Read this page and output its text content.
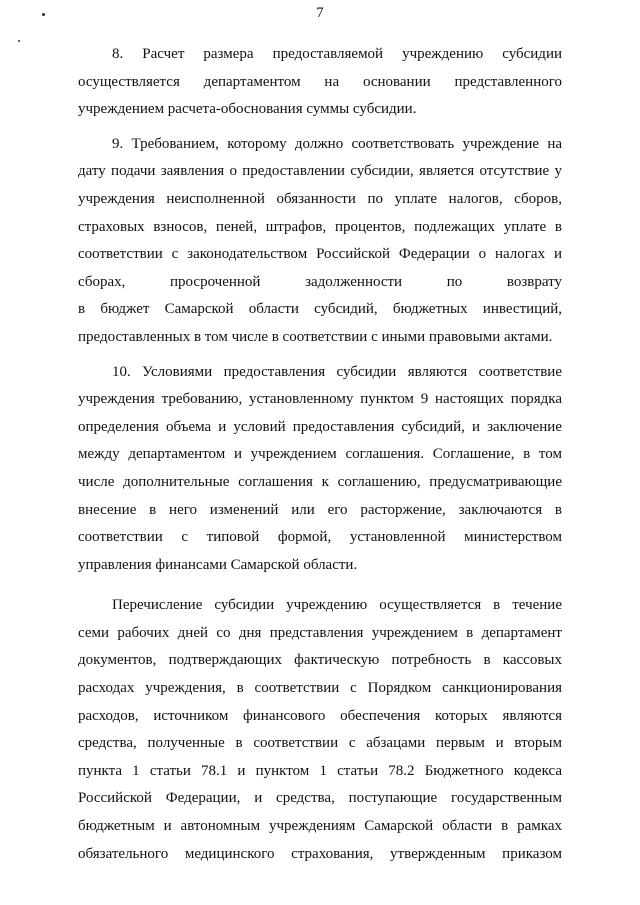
7
8. Расчет размера предоставляемой учреждению субсидии
осуществляется департаментом на основании представленного
учреждением расчета-обоснования суммы субсидии.
9. Требованием, которому должно соответствовать учреждение на
дату подачи заявления о предоставлении субсидии, является отсутствие у
учреждения неисполненной обязанности по уплате налогов, сборов,
страховых взносов, пеней, штрафов, процентов, подлежащих уплате в
соответствии с законодательством Российской Федерации о налогах и
сборах, просроченной задолженности по возврату
в бюджет Самарской области субсидий, бюджетных инвестиций,
предоставленных в том числе в соответствии с иными правовыми актами.
10. Условиями предоставления субсидии являются соответствие
учреждения требованию, установленному пунктом 9 настоящих порядка
определения объема и условий предоставления субсидий, и заключение
между департаментом и учреждением соглашения. Соглашение, в том
числе дополнительные соглашения к соглашению, предусматривающие
внесение в него изменений или его расторжение, заключаются в
соответствии с типовой формой, установленной министерством
управления финансами Самарской области.
Перечисление субсидии учреждению осуществляется в течение
семи рабочих дней со дня представления учреждением в департамент
документов, подтверждающих фактическую потребность в кассовых
расходах учреждения, в соответствии с Порядком санкционирования
расходов, источником финансового обеспечения которых являются
средства, полученные в соответствии с абзацами первым и вторым
пункта 1 статьи 78.1 и пунктом 1 статьи 78.2 Бюджетного кодекса
Российской Федерации, и средства, поступающие государственным
бюджетным и автономным учреждениям Самарской области в рамках
обязательного медицинского страхования, утвержденным приказом
